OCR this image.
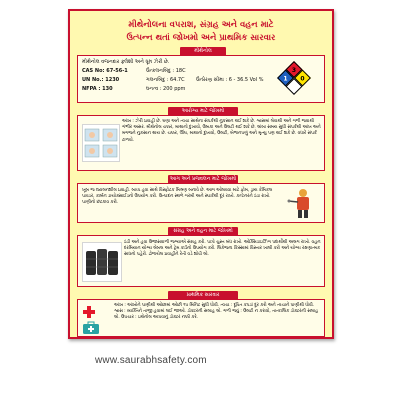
મીથેનોલના વપરાશ, સંગ્રહ અને વહન માટે
ઉત્પન્ન થતાં જોખમો અને પ્રાથમિક સારવાર
મીથેનોલ
મીથેનોલ વજનદાર ફ્લેશી અને ધૂમ ઝેરી છે.
CAS No: 67-56-1	ઉત્કલનબિંદુ : 18C
UN No.: 1230	ગલનબિંદુ : 64.7C ઉત્પ્રેરણ સીમા : 6 - 36.5 Vol %
NFPA : 130	ઘનત્વ : 200 ppm
3
0
1
આરોગ્ય માટે જોખમો
આંખ : ઝેરી પ્રવાહી છે. ઘણા અને ત્વચા સાથેના સંપર્કથી નુકસાન થઈ શકે છે. શ્વાસમાં લેવાથી અને ગળી જવાથી ગંભીર અસર. મીથેનોલ ચક્કર, માથાનો દુખાવો, ઉબકા અને ઉલટી થઈ શકે છે. લાંબા સમય સુધી સંપર્કથી આંખ અને મગજને નુકસાન થાય છે. ચક્કર, ઊંઘ, માથાનો દુખાવો, ઉલટી, બેભાનપણું અને મૃત્યુ પણ થઈ શકે છે. વધારે સંપર્ક ટાળવો.
આગ અને પ્રજ્વલન માટે જોખમો
ખૂબ જ જ્વલનશીલ પ્રવાહી. બાષ્પ હવા સાથે વિસ્ફોટક મિશ્રણ બનાવે છે. આગ ઓલવવા માટે ફોમ, ડ્રાય કેમિકલ પાવડર, કાર્બન ડાયોક્સાઈડનો ઉપયોગ કરો. ઉત્પાદન સ્થળે ગરમી અને સ્પાર્કથી દૂર રાખો. કન્ટેનરને ઠંડા રાખો. પાણીનો છંટકાવ કરો.
સંગ્રહ અને વહન માટે જોખમો
ઠંડી અને હવા ઉજાસવાળી જગ્યાએ સંગ્રહ કરો. પાત્રો ચુસ્ત બંધ રાખો. ઓક્સિડાઇઝિંગ પદાર્થોથી અલગ રાખો. વહન દરમિયાન યોગ્ય લેબલ અને ટ્રેમ કાર્ડનો ઉપયોગ કરો. લિકેજના કિસ્સામાં વિસ્તાર ખાલી કરો અને યોગ્ય રક્ષણાત્મક સાધનો પહેરો. ઢોળાયેલ પ્રવાહીને રેતી વડે શોષી લો.
પ્રાથમિક સારવાર
આંખ : આંખોને પાણીથી ઓછામાં ઓછી ૧૫ મિનિટ સુધી ધોવી. ત્વચા : દૂષિત કપડાં દૂર કરો અને ત્વચાને પાણીથી ધોવી. શ્વાસ : વ્યક્તિને તાજી હવામાં લઈ જાઓ. ડૉક્ટરની સલાહ લો. ગળી જવું : ઉલટી ન કરાવો, તાત્કાલિક ડૉક્ટરની સલાહ લો. ઉપચાર : ઇથેનોલ આપવાનું ડૉક્ટર નક્કી કરે.
www.saurabhsafety.com
